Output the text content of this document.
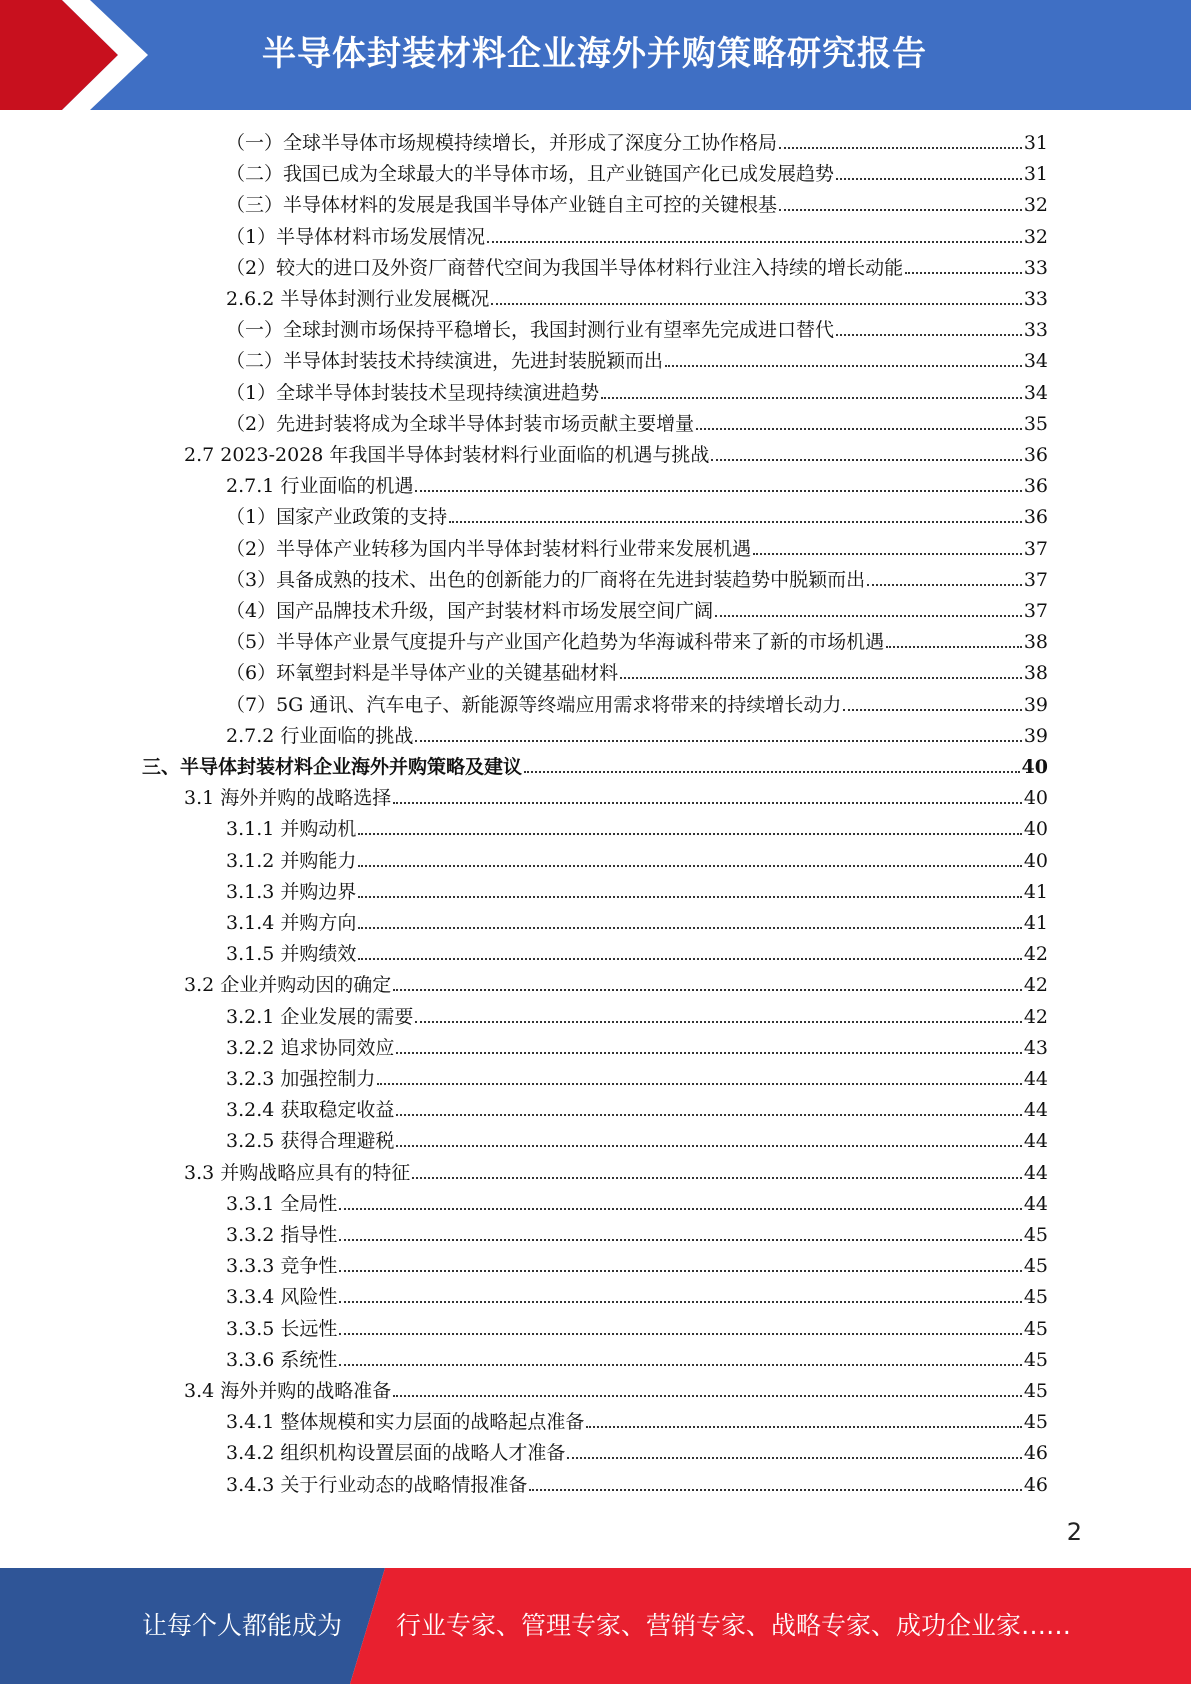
半导体封装材料企业海外并购策略研究报告
（一）全球半导体市场规模持续增长，并形成了深度分工协作格局	31
（二）我国已成为全球最大的半导体市场，且产业链国产化已成发展趋势	31
（三）半导体材料的发展是我国半导体产业链自主可控的关键根基	32
（1）半导体材料市场发展情况	32
（2）较大的进口及外资厂商替代空间为我国半导体材料行业注入持续的增长动能	33
2.6.2 半导体封测行业发展概况	33
（一）全球封测市场保持平稳增长，我国封测行业有望率先完成进口替代	33
（二）半导体封装技术持续演进，先进封装脱颖而出	34
（1）全球半导体封装技术呈现持续演进趋势	34
（2）先进封装将成为全球半导体封装市场贡献主要增量	35
2.7 2023-2028 年我国半导体封装材料行业面临的机遇与挑战	36
2.7.1 行业面临的机遇	36
（1）国家产业政策的支持	36
（2）半导体产业转移为国内半导体封装材料行业带来发展机遇	37
（3）具备成熟的技术、出色的创新能力的厂商将在先进封装趋势中脱颖而出	37
（4）国产品牌技术升级，国产封装材料市场发展空间广阔	37
（5）半导体产业景气度提升与产业国产化趋势为华海诚科带来了新的市场机遇	38
（6）环氧塑封料是半导体产业的关键基础材料	38
（7）5G 通讯、汽车电子、新能源等终端应用需求将带来的持续增长动力	39
2.7.2 行业面临的挑战	39
三、半导体封装材料企业海外并购策略及建议	40
3.1 海外并购的战略选择	40
3.1.1 并购动机	40
3.1.2 并购能力	40
3.1.3 并购边界	41
3.1.4 并购方向	41
3.1.5 并购绩效	42
3.2 企业并购动因的确定	42
3.2.1 企业发展的需要	42
3.2.2 追求协同效应	43
3.2.3 加强控制力	44
3.2.4 获取稳定收益	44
3.2.5 获得合理避税	44
3.3 并购战略应具有的特征	44
3.3.1 全局性	44
3.3.2 指导性	45
3.3.3 竞争性	45
3.3.4 风险性	45
3.3.5 长远性	45
3.3.6 系统性	45
3.4 海外并购的战略准备	45
3.4.1 整体规模和实力层面的战略起点准备	45
3.4.2 组织机构设置层面的战略人才准备	46
3.4.3 关于行业动态的战略情报准备	46
2
让每个人都能成为 行业专家、管理专家、营销专家、战略专家、成功企业家……
